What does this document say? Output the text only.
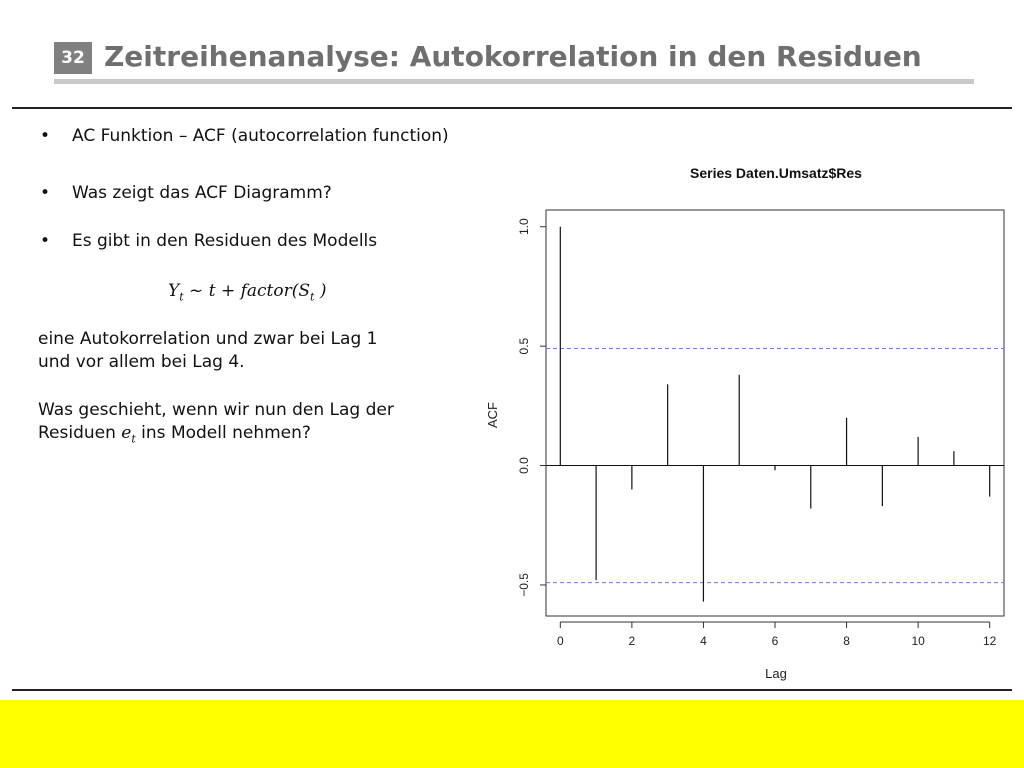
32 Zeitreihenanalyse: Autokorrelation in den Residuen
• AC Funktion – ACF (autocorrelation function)
• Was zeigt das ACF Diagramm?
• Es gibt in den Residuen des Modells
$Y_t$ ~ $t + factor(S_t$ )
eine Autokorrelation und zwar bei Lag 1
und vor allem bei Lag 4.
Was geschieht, wenn wir nun den Lag der
Residuen $e_t$ ins Modell nehmen?
Series Daten.Umsatz$Res
−0.5
0.0
0.5
1.0
0	2	4	6	8	10	12
ACF
Lag
